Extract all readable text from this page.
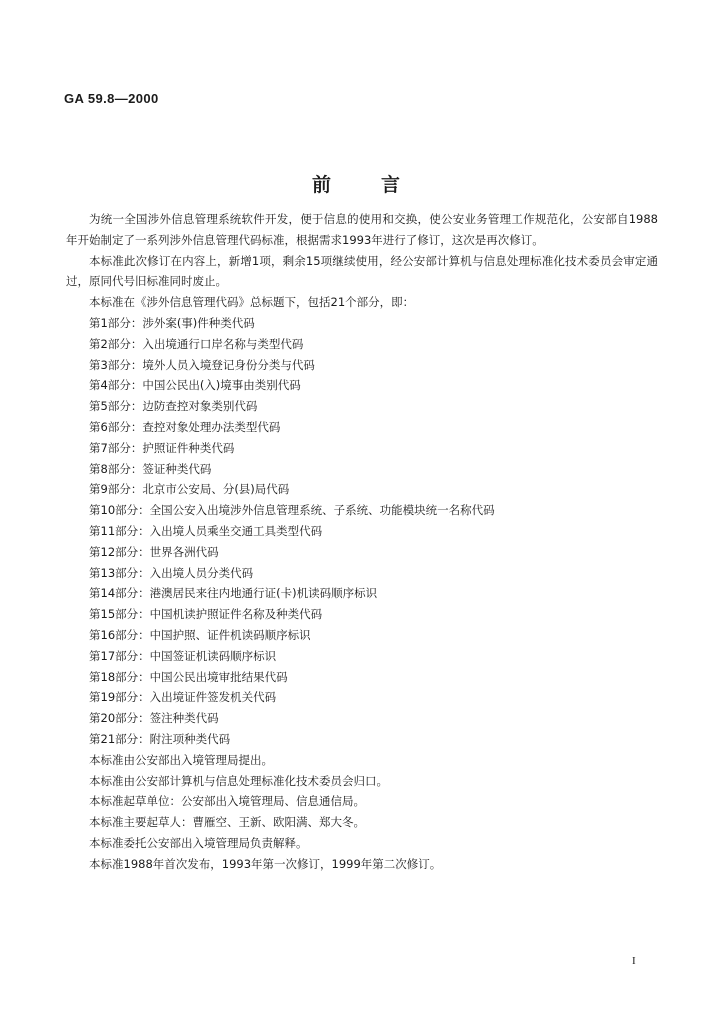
GA 59.8—2000
前言

为统一全国涉外信息管理系统软件开发，便于信息的使用和交换，使公安业务管理工作规范化，公安部自1988年开始制定了一系列涉外信息管理代码标准，根据需求1993年进行了修订，这次是再次修订。

本标准此次修订在内容上，新增1项，剩余15项继续使用，经公安部计算机与信息处理标准化技术委员会审定通过，原同代号旧标准同时废止。

本标准在《涉外信息管理代码》总标题下，包括21个部分，即：

第1部分：涉外案(事)件种类代码

第2部分：入出境通行口岸名称与类型代码

第3部分：境外人员入境登记身份分类与代码

第4部分：中国公民出(入)境事由类别代码

第5部分：边防查控对象类别代码

第6部分：查控对象处理办法类型代码

第7部分：护照证件种类代码

第8部分：签证种类代码

第9部分：北京市公安局、分(县)局代码

第10部分：全国公安入出境涉外信息管理系统、子系统、功能模块统一名称代码

第11部分：入出境人员乘坐交通工具类型代码

第12部分：世界各洲代码

第13部分：入出境人员分类代码

第14部分：港澳居民来往内地通行证(卡)机读码顺序标识

第15部分：中国机读护照证件名称及种类代码

第16部分：中国护照、证件机读码顺序标识

第17部分：中国签证机读码顺序标识

第18部分：中国公民出境审批结果代码

第19部分：入出境证件签发机关代码

第20部分：签注种类代码

第21部分：附注项种类代码

本标准由公安部出入境管理局提出。

本标准由公安部计算机与信息处理标准化技术委员会归口。

本标准起草单位：公安部出入境管理局、信息通信局。

本标准主要起草人：曹雁空、王新、欧阳满、郑大冬。

本标准委托公安部出入境管理局负责解释。

本标准1988年首次发布，1993年第一次修订，1999年第二次修订。

I
